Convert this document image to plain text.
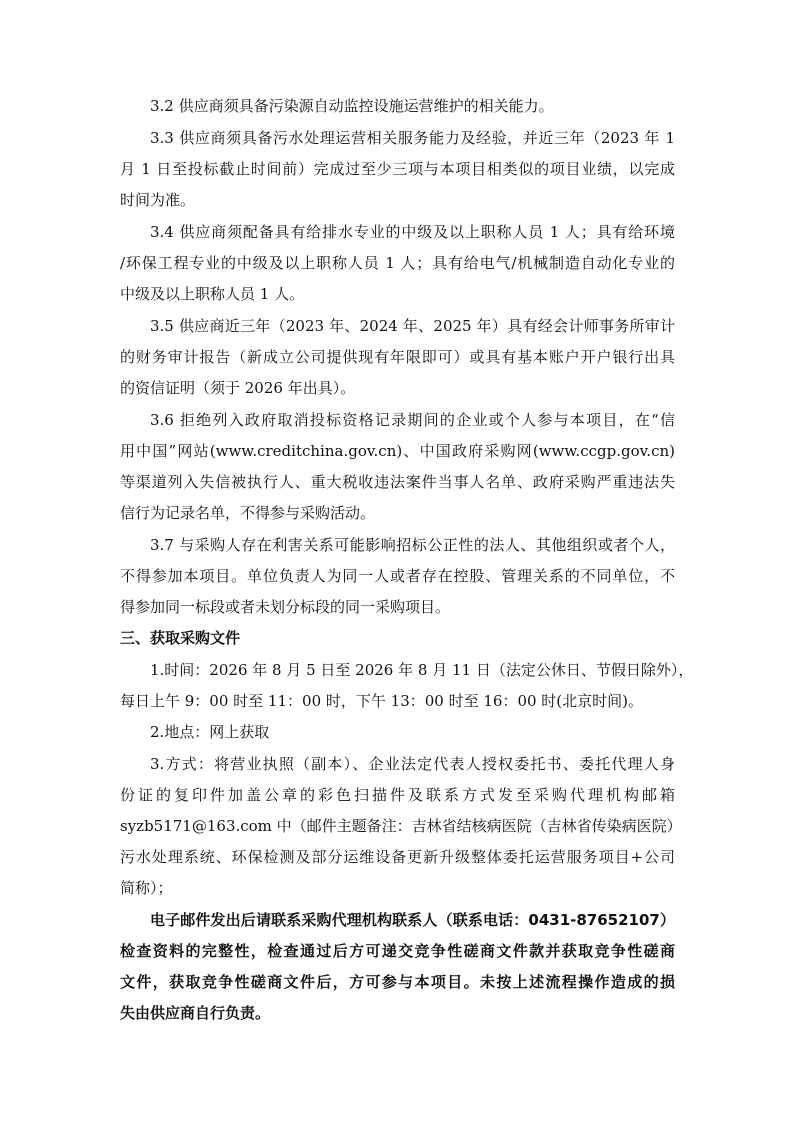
3.2 供应商须具备污染源自动监控设施运营维护的相关能力。
3.3 供应商须具备污水处理运营相关服务能力及经验，并近三年（2023 年 1
月 1 日至投标截止时间前）完成过至少三项与本项目相类似的项目业绩，以完成
时间为准。
3.4 供应商须配备具有给排水专业的中级及以上职称人员 1 人；具有给环境
/环保工程专业的中级及以上职称人员 1 人；具有给电气/机械制造自动化专业的
中级及以上职称人员 1 人。
3.5 供应商近三年（2023 年、2024 年、2025 年）具有经会计师事务所审计
的财务审计报告（新成立公司提供现有年限即可）或具有基本账户开户银行出具
的资信证明（须于 2026 年出具）。
3.6 拒绝列入政府取消投标资格记录期间的企业或个人参与本项目，在“信
用中国”网站(www.creditchina.gov.cn)、中国政府采购网(www.ccgp.gov.cn)
等渠道列入失信被执行人、重大税收违法案件当事人名单、政府采购严重违法失
信行为记录名单，不得参与采购活动。
3.7 与采购人存在利害关系可能影响招标公正性的法人、其他组织或者个人，
不得参加本项目。单位负责人为同一人或者存在控股、管理关系的不同单位，不
得参加同一标段或者未划分标段的同一采购项目。
三、获取采购文件
1.时间：2026 年 8 月 5 日至 2026 年 8 月 11 日（法定公休日、节假日除外），
每日上午 9：00 时至 11：00 时，下午 13：00 时至 16：00 时(北京时间)。
2.地点：网上获取
3.方式：将营业执照（副本）、企业法定代表人授权委托书、委托代理人身
份证的复印件加盖公章的彩色扫描件及联系方式发至采购代理机构邮箱
syzb5171@163.com 中（邮件主题备注：吉林省结核病医院（吉林省传染病医院）
污水处理系统、环保检测及部分运维设备更新升级整体委托运营服务项目+公司
简称）；
电子邮件发出后请联系采购代理机构联系人（联系电话：0431-87652107）
检查资料的完整性，检查通过后方可递交竞争性磋商文件款并获取竞争性磋商
文件，获取竞争性磋商文件后，方可参与本项目。未按上述流程操作造成的损
失由供应商自行负责。
